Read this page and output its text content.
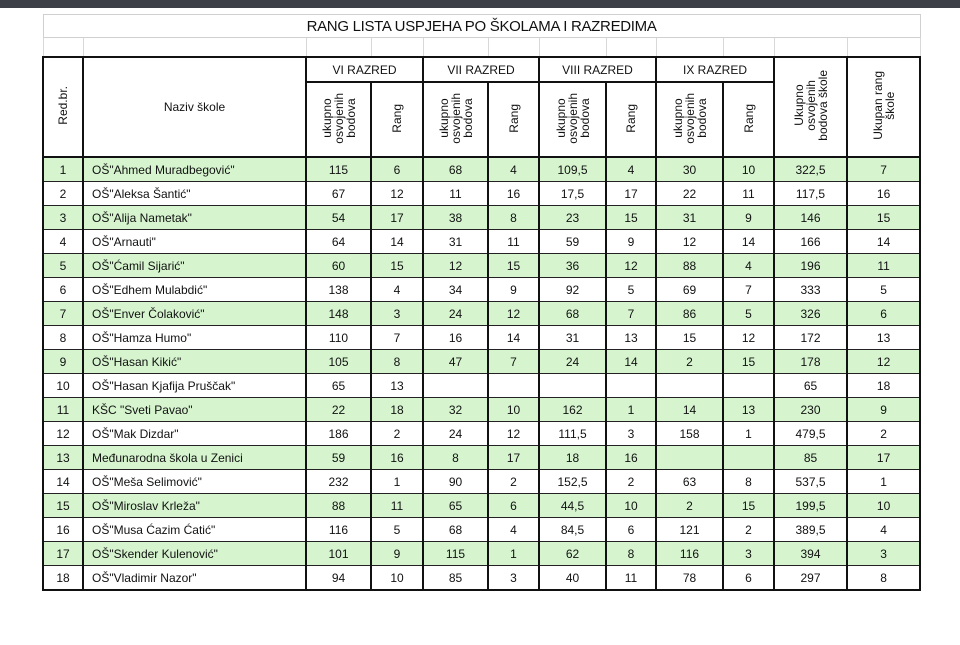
RANG LISTA USPJEHA PO ŠKOLAMA I RAZREDIMA											

Red.br.	Naziv škole	VI RAZRED		VII RAZRED		VIII RAZRED		IX RAZRED		Ukupno
osvojenih
bodova škole	Ukupan rang
škole
		ukupno
osvojenih
bodova	Rang	ukupno
osvojenih
bodova	Rang	ukupno
osvojenih
bodova	Rang	ukupno
osvojenih
bodova	Rang		
1	OŠ"Ahmed Muradbegović"	115	6	68	4	109,5	4	30	10	322,5	7
2	OŠ"Aleksa Šantić"	67	12	11	16	17,5	17	22	11	117,5	16
3	OŠ"Alija Nametak"	54	17	38	8	23	15	31	9	146	15
4	OŠ"Arnauti"	64	14	31	11	59	9	12	14	166	14
5	OŠ"Ćamil Sijarić"	60	15	12	15	36	12	88	4	196	11
6	OŠ"Edhem Mulabdić"	138	4	34	9	92	5	69	7	333	5
7	OŠ"Enver Čolaković"	148	3	24	12	68	7	86	5	326	6
8	OŠ"Hamza Humo"	110	7	16	14	31	13	15	12	172	13
9	OŠ"Hasan Kikić"	105	8	47	7	24	14	2	15	178	12
10	OŠ"Hasan Kjafija Pruščak"	65	13							65	18
11	KŠC "Sveti Pavao"	22	18	32	10	162	1	14	13	230	9
12	OŠ"Mak Dizdar"	186	2	24	12	111,5	3	158	1	479,5	2
13	Međunarodna škola u Zenici	59	16	8	17	18	16			85	17
14	OŠ"Meša Selimović"	232	1	90	2	152,5	2	63	8	537,5	1
15	OŠ"Miroslav Krleža"	88	11	65	6	44,5	10	2	15	199,5	10
16	OŠ"Musa Ćazim Ćatić"	116	5	68	4	84,5	6	121	2	389,5	4
17	OŠ"Skender Kulenović"	101	9	115	1	62	8	116	3	394	3
18	OŠ"Vladimir Nazor"	94	10	85	3	40	11	78	6	297	8
